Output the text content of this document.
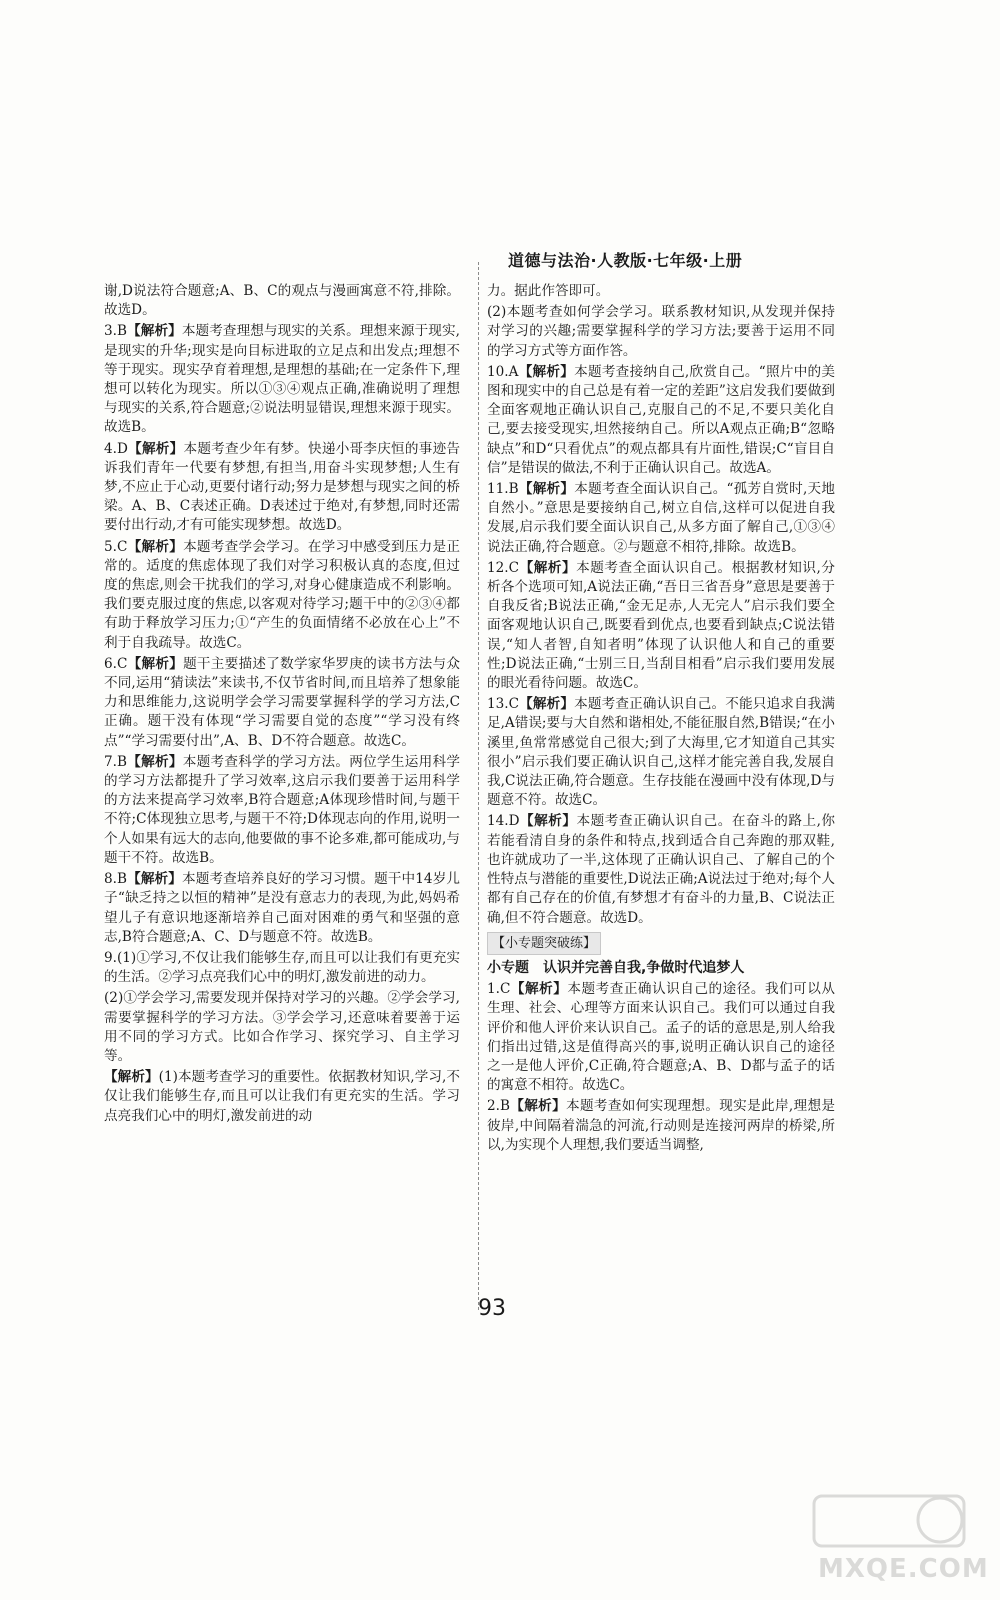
道德与法治·人教版·七年级·上册
谢,D说法符合题意;A、B、C的观点与漫画寓意不符,排除。故选D。
3.B【解析】本题考查理想与现实的关系。理想来源于现实,是现实的升华;现实是向目标进取的立足点和出发点;理想不等于现实。现实孕育着理想,是理想的基础;在一定条件下,理想可以转化为现实。所以①③④观点正确,准确说明了理想与现实的关系,符合题意;②说法明显错误,理想来源于现实。故选B。
4.D【解析】本题考查少年有梦。快递小哥李庆恒的事迹告诉我们青年一代要有梦想,有担当,用奋斗实现梦想;人生有梦,不应止于心动,更要付诸行动;努力是梦想与现实之间的桥梁。A、B、C表述正确。D表述过于绝对,有梦想,同时还需要付出行动,才有可能实现梦想。故选D。
5.C【解析】本题考查学会学习。在学习中感受到压力是正常的。适度的焦虑体现了我们对学习积极认真的态度,但过度的焦虑,则会干扰我们的学习,对身心健康造成不利影响。我们要克服过度的焦虑,以客观对待学习;题干中的②③④都有助于释放学习压力;①“产生的负面情绪不必放在心上”不利于自我疏导。故选C。
6.C【解析】题干主要描述了数学家华罗庚的读书方法与众不同,运用“猜读法”来读书,不仅节省时间,而且培养了想象能力和思维能力,这说明学会学习需要掌握科学的学习方法,C正确。题干没有体现“学习需要自觉的态度”“学习没有终点”“学习需要付出”,A、B、D不符合题意。故选C。
7.B【解析】本题考查科学的学习方法。两位学生运用科学的学习方法都提升了学习效率,这启示我们要善于运用科学的方法来提高学习效率,B符合题意;A体现珍惜时间,与题干不符;C体现独立思考,与题干不符;D体现志向的作用,说明一个人如果有远大的志向,他要做的事不论多难,都可能成功,与题干不符。故选B。
8.B【解析】本题考查培养良好的学习习惯。题干中14岁儿子“缺乏持之以恒的精神”是没有意志力的表现,为此,妈妈希望儿子有意识地逐渐培养自己面对困难的勇气和坚强的意志,B符合题意;A、C、D与题意不符。故选B。
9.(1)①学习,不仅让我们能够生存,而且可以让我们有更充实的生活。②学习点亮我们心中的明灯,激发前进的动力。
(2)①学会学习,需要发现并保持对学习的兴趣。②学会学习,需要掌握科学的学习方法。③学会学习,还意味着要善于运用不同的学习方式。比如合作学习、探究学习、自主学习等。
【解析】(1)本题考查学习的重要性。依据教材知识,学习,不仅让我们能够生存,而且可以让我们有更充实的生活。学习点亮我们心中的明灯,激发前进的动
力。据此作答即可。
(2)本题考查如何学会学习。联系教材知识,从发现并保持对学习的兴趣;需要掌握科学的学习方法;要善于运用不同的学习方式等方面作答。
10.A【解析】本题考查接纳自己,欣赏自己。“照片中的美图和现实中的自己总是有着一定的差距”这启发我们要做到全面客观地正确认识自己,克服自己的不足,不要只美化自己,要去接受现实,坦然接纳自己。所以A观点正确;B“忽略缺点”和D“只看优点”的观点都具有片面性,错误;C“盲目自信”是错误的做法,不利于正确认识自己。故选A。
11.B【解析】本题考查全面认识自己。“孤芳自赏时,天地自然小。”意思是要接纳自己,树立自信,这样可以促进自我发展,启示我们要全面认识自己,从多方面了解自己,①③④说法正确,符合题意。②与题意不相符,排除。故选B。
12.C【解析】本题考查全面认识自己。根据教材知识,分析各个选项可知,A说法正确,“吾日三省吾身”意思是要善于自我反省;B说法正确,“金无足赤,人无完人”启示我们要全面客观地认识自己,既要看到优点,也要看到缺点;C说法错误,“知人者智,自知者明”体现了认识他人和自己的重要性;D说法正确,“士别三日,当刮目相看”启示我们要用发展的眼光看待问题。故选C。
13.C【解析】本题考查正确认识自己。不能只追求自我满足,A错误;要与大自然和谐相处,不能征服自然,B错误;“在小溪里,鱼常常感觉自己很大;到了大海里,它才知道自己其实很小”启示我们要正确认识自己,这样才能完善自我,发展自我,C说法正确,符合题意。生存技能在漫画中没有体现,D与题意不符。故选C。
14.D【解析】本题考查正确认识自己。在奋斗的路上,你若能看清自身的条件和特点,找到适合自己奔跑的那双鞋,也许就成功了一半,这体现了正确认识自己、了解自己的个性特点与潜能的重要性,D说法正确;A说法过于绝对;每个人都有自己存在的价值,有梦想才有奋斗的力量,B、C说法正确,但不符合题意。故选D。
【小专题突破练】
小专题　认识并完善自我,争做时代追梦人
1.C【解析】本题考查正确认识自己的途径。我们可以从生理、社会、心理等方面来认识自己。我们可以通过自我评价和他人评价来认识自己。孟子的话的意思是,别人给我们指出过错,这是值得高兴的事,说明正确认识自己的途径之一是他人评价,C正确,符合题意;A、B、D都与孟子的话的寓意不相符。故选C。
2.B【解析】本题考查如何实现理想。现实是此岸,理想是彼岸,中间隔着湍急的河流,行动则是连接河两岸的桥梁,所以,为实现个人理想,我们要适当调整,
93
MXQE.COM
